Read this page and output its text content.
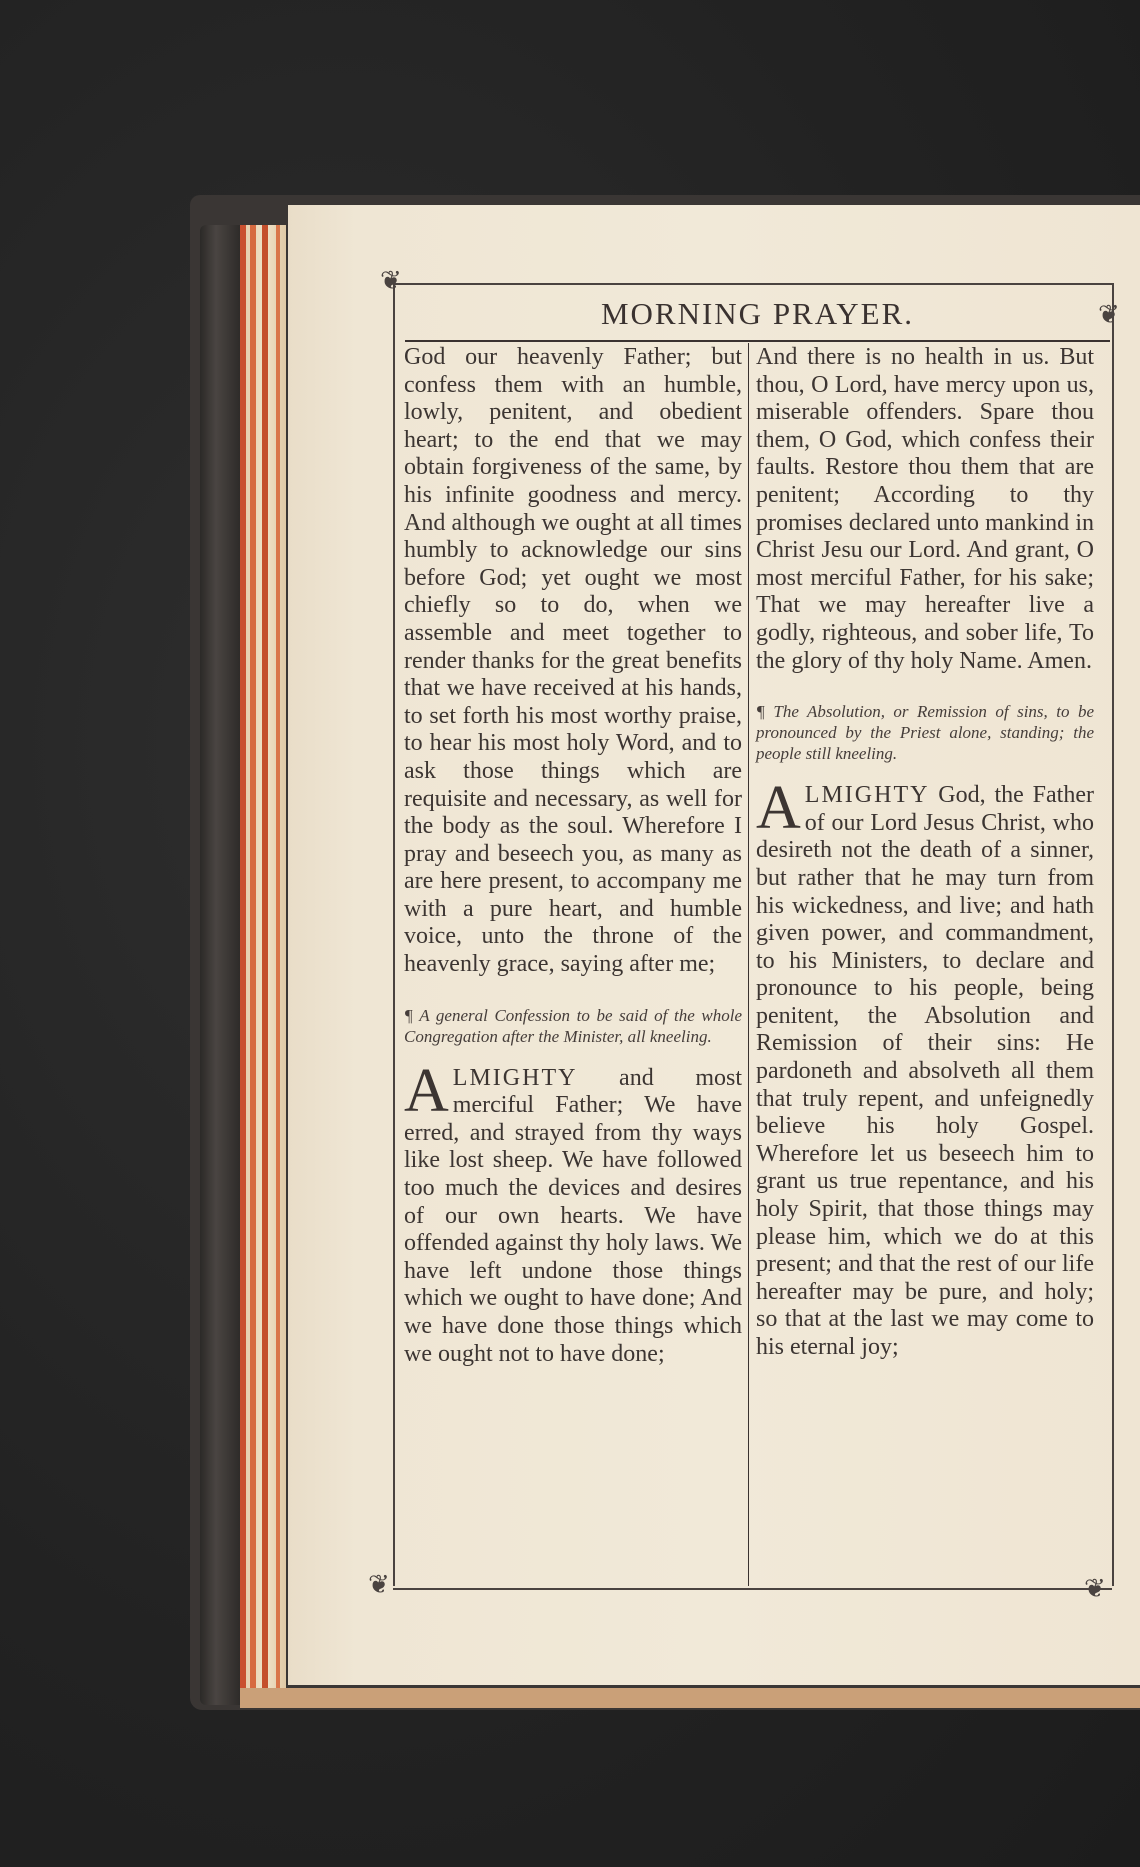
❦
❦
❦	❦
MORNING PRAYER.

God our heavenly Father; but confess them with an humble, lowly, penitent, and obedient heart; to the end that we may obtain forgiveness of the same, by his infinite goodness and mercy. And although we ought at all times humbly to acknowledge our sins before God; yet ought we most chiefly so to do, when we assemble and meet together to render thanks for the great benefits that we have received at his hands, to set forth his most worthy praise, to hear his most holy Word, and to ask those things which are requisite and necessary, as well for the body as the soul. Wherefore I pray and beseech you, as many as are here present, to accompany me with a pure heart, and humble voice, unto the throne of the heavenly grace, saying after me;

¶ A general Confession to be said of the whole Congregation after the Minister, all kneeling.

ALMIGHTY and most merciful Father; We have erred, and strayed from thy ways like lost sheep. We have followed too much the devices and desires of our own hearts. We have offended against thy holy laws. We have left undone those things which we ought to have done; And we have done those things which we ought not to have done;

And there is no health in us. But thou, O Lord, have mercy upon us, miserable offenders. Spare thou them, O God, which confess their faults. Restore thou them that are penitent; According to thy promises declared unto mankind in Christ Jesu our Lord. And grant, O most merciful Father, for his sake; That we may hereafter live a godly, righteous, and sober life, To the glory of thy holy Name. Amen.

¶ The Absolution, or Remission of sins, to be pronounced by the Priest alone, standing; the people still kneeling.

ALMIGHTY God, the Father of our Lord Jesus Christ, who desireth not the death of a sinner, but rather that he may turn from his wickedness, and live; and hath given power, and commandment, to his Ministers, to declare and pronounce to his people, being penitent, the Absolution and Remission of their sins: He pardoneth and absolveth all them that truly repent, and unfeignedly believe his holy Gospel. Wherefore let us beseech him to grant us true repentance, and his holy Spirit, that those things may please him, which we do at this present; and that the rest of our life hereafter may be pure, and holy; so that at the last we may come to his eternal joy;
